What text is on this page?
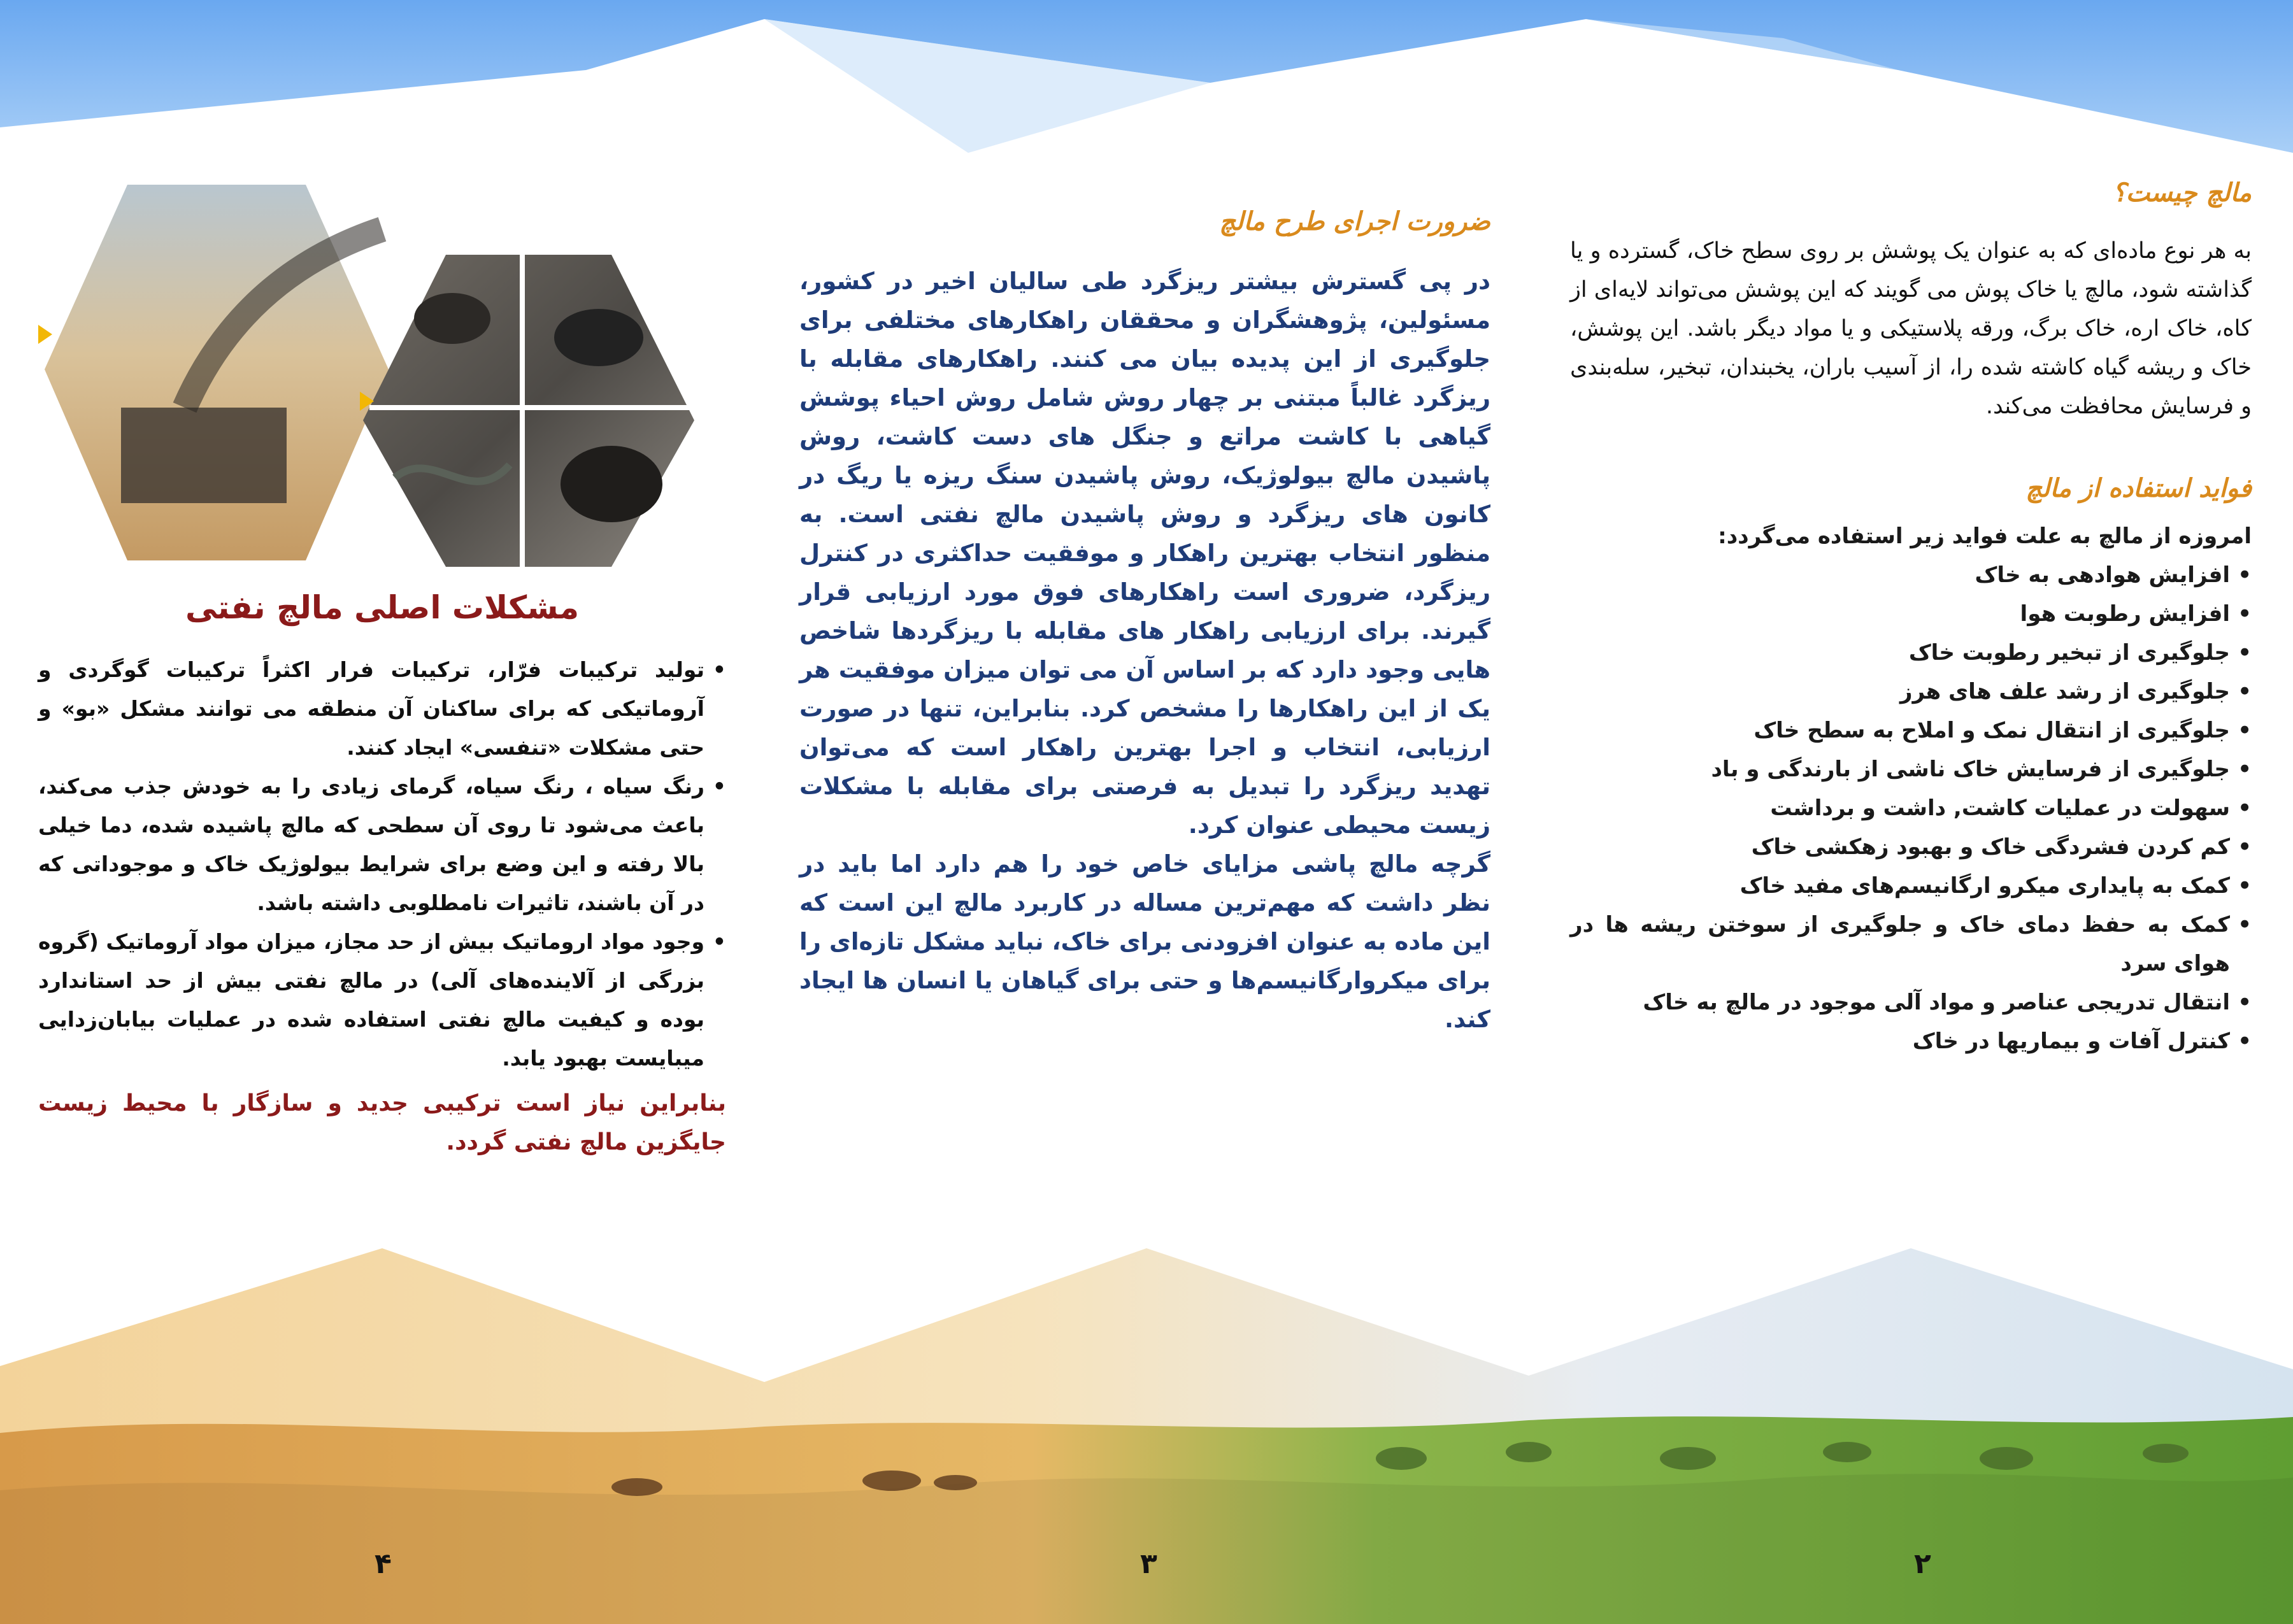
مالچ چیست؟

به هر نوع ماده‌ای که به عنوان یک پوشش بر روی سطح خاک، گسترده و یا گذاشته شود، مالچ یا خاک پوش می گویند که این پوشش می‌تواند لایه‌ای از کاه، خاک اره، خاک برگ، ورقه پلاستیکی و یا مواد دیگر باشد. این پوشش، خاک و ریشه گیاه کاشته شده را، از آسیب باران، یخبندان، تبخیر، سله‌بندی و فرسایش محافظت می‌کند.

فواید استفاده از مالچ

امروزه از مالچ به علت فواید زیر استفاده می‌گردد:

• افزایش هوادهی به خاک
• افزایش رطوبت هوا
• جلوگیری از تبخیر رطوبت خاک
• جلوگیری از رشد علف های هرز
• جلوگیری از انتقال نمک و املاح به سطح خاک
• جلوگیری از فرسایش خاک ناشی از بارندگی و باد
• سهولت در عملیات کاشت, داشت و برداشت
• کم کردن فشردگی خاک و بهبود زهکشی خاک
• کمک به پایداری میکرو ارگانیسم‌های مفید خاک
• کمک به حفظ دمای خاک و جلوگیری از سوختن ریشه ها در هوای سرد
• انتقال تدریجی عناصر و مواد آلی موجود در مالچ به خاک
• کنترل آفات و بیماریها در خاک
ضرورت اجرای طرح مالچ

در پی گسترش بیشتر ریزگرد طی سالیان اخیر در کشور، مسئولین، پژوهشگران و محققان راهکارهای مختلفی برای جلوگیری از این پدیده بیان می کنند. راهکارهای مقابله با ریزگرد غالباً مبتنی بر چهار روش شامل روش احیاء پوشش گیاهی با کاشت مراتع و جنگل های دست کاشت، روش پاشیدن مالچ بیولوژیک، روش پاشیدن سنگ ریزه یا ریگ در کانون های ریزگرد و روش پاشیدن مالچ نفتی است. به منظور انتخاب بهترین راهکار و موفقیت حداکثری در کنترل ریزگرد، ضروری است راهکارهای فوق مورد ارزیابی قرار گیرند. برای ارزیابی راهکار های مقابله با ریزگردها شاخص هایی وجود دارد که بر اساس آن می توان میزان موفقیت هر یک از این راهکارها را مشخص کرد. بنابراین، تنها در صورت ارزیابی، انتخاب و اجرا بهترین راهکار است که می‌توان تهدید ریزگرد را تبدیل به فرصتی برای مقابله با مشکلات زیست محیطی عنوان کرد.

گرچه مالچ پاشی مزایای خاص خود را هم دارد اما باید در نظر داشت که مهم‌ترین مساله در کاربرد مالچ این است که این ماده به عنوان افزودنی برای خاک، نباید مشکل تازه‌ای را برای میکروارگانیسم‌ها و حتی برای گیاهان یا انسان ها ایجاد کند.

مشکلات اصلی مالچ نفتی
• تولید ترکیبات فرّار، ترکیبات فرار اکثراً ترکیبات گوگردی و آروماتیکی که برای ساکنان آن منطقه می توانند مشکل «بو» و حتی مشکلات «تنفسی» ایجاد کنند.
• رنگ سیاه ، رنگ سیاه، گرمای زیادی را به خودش جذب می‌کند، باعث می‌شود تا روی آن سطحی که مالچ پاشیده شده، دما خیلی بالا رفته و این وضع برای شرایط بیولوژیک خاک و موجوداتی که در آن باشند، تاثیرات نامطلوبی داشته باشد.
• وجود مواد اروماتیک بیش از حد مجاز، میزان مواد آروماتیک (گروه بزرگی از آلاینده‌های آلی) در مالچ نفتی بیش از حد استاندارد بوده و کیفیت مالچ نفتی استفاده شده در عملیات بیابان‌زدایی میبایست بهبود یابد.

بنابراین نیاز است ترکیبی جدید و سازگار با محیط زیست جایگزین مالچ نفتی گردد.

۲
۳
۴
